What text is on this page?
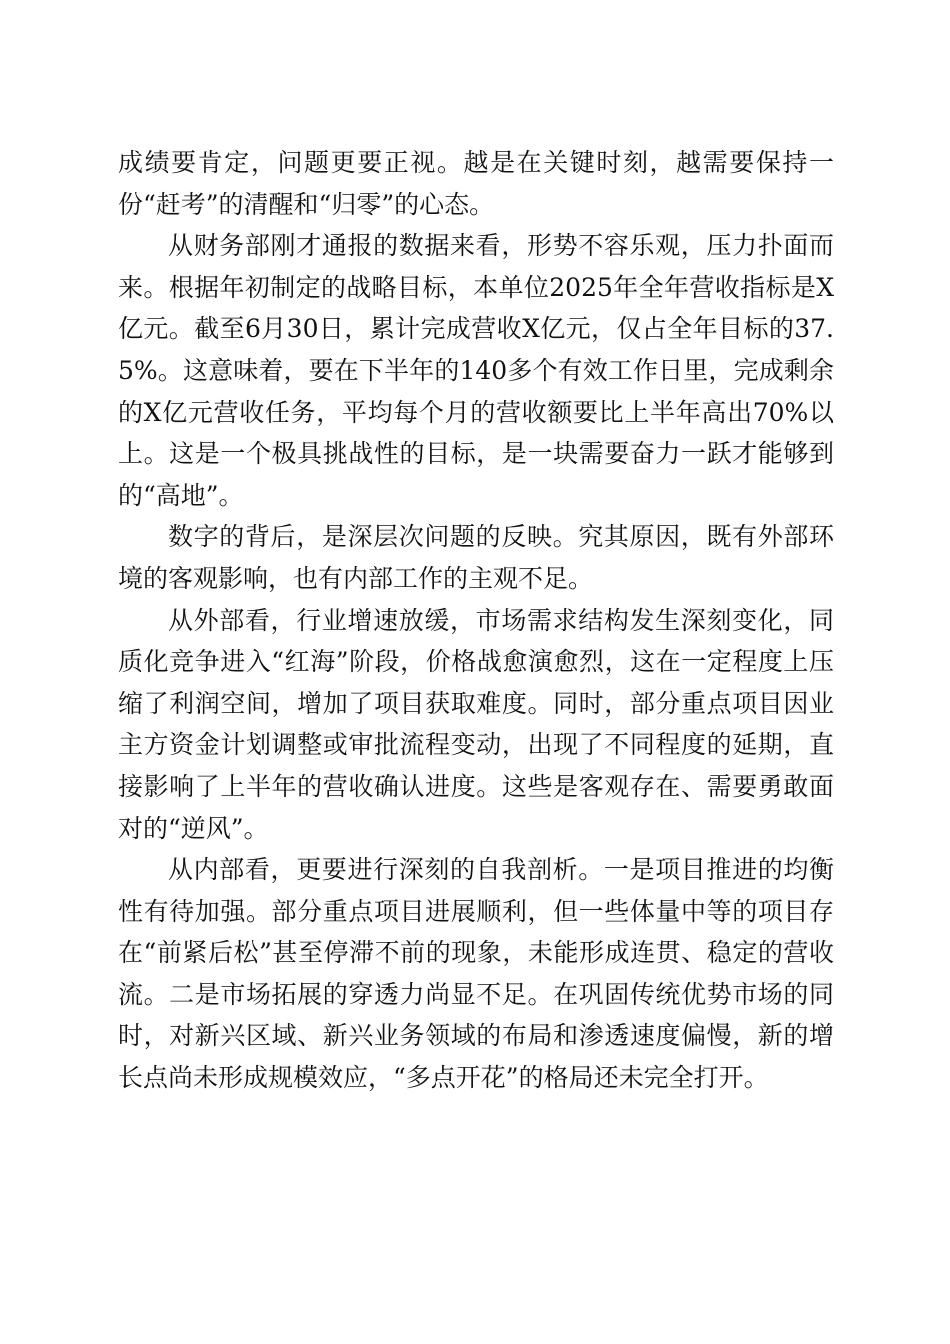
成绩要肯定，问题更要正视。越是在关键时刻，越需要保持一份“赶考”的清醒和“归零”的心态。

从财务部刚才通报的数据来看，形势不容乐观，压力扑面而来。根据年初制定的战略目标，本单位2025年全年营收指标是X亿元。截至6月30日，累计完成营收X亿元，仅占全年目标的37.5%。这意味着，要在下半年的140多个有效工作日里，完成剩余的X亿元营收任务，平均每个月的营收额要比上半年高出70%以上。这是一个极具挑战性的目标，是一块需要奋力一跃才能够到的“高地”。

数字的背后，是深层次问题的反映。究其原因，既有外部环境的客观影响，也有内部工作的主观不足。

从外部看，行业增速放缓，市场需求结构发生深刻变化，同质化竞争进入“红海”阶段，价格战愈演愈烈，这在一定程度上压缩了利润空间，增加了项目获取难度。同时，部分重点项目因业主方资金计划调整或审批流程变动，出现了不同程度的延期，直接影响了上半年的营收确认进度。这些是客观存在、需要勇敢面对的“逆风”。

从内部看，更要进行深刻的自我剖析。一是项目推进的均衡性有待加强。部分重点项目进展顺利，但一些体量中等的项目存在“前紧后松”甚至停滞不前的现象，未能形成连贯、稳定的营收流。二是市场拓展的穿透力尚显不足。在巩固传统优势市场的同时，对新兴区域、新兴业务领域的布局和渗透速度偏慢，新的增长点尚未形成规模效应，“多点开花”的格局还未完全打开。
